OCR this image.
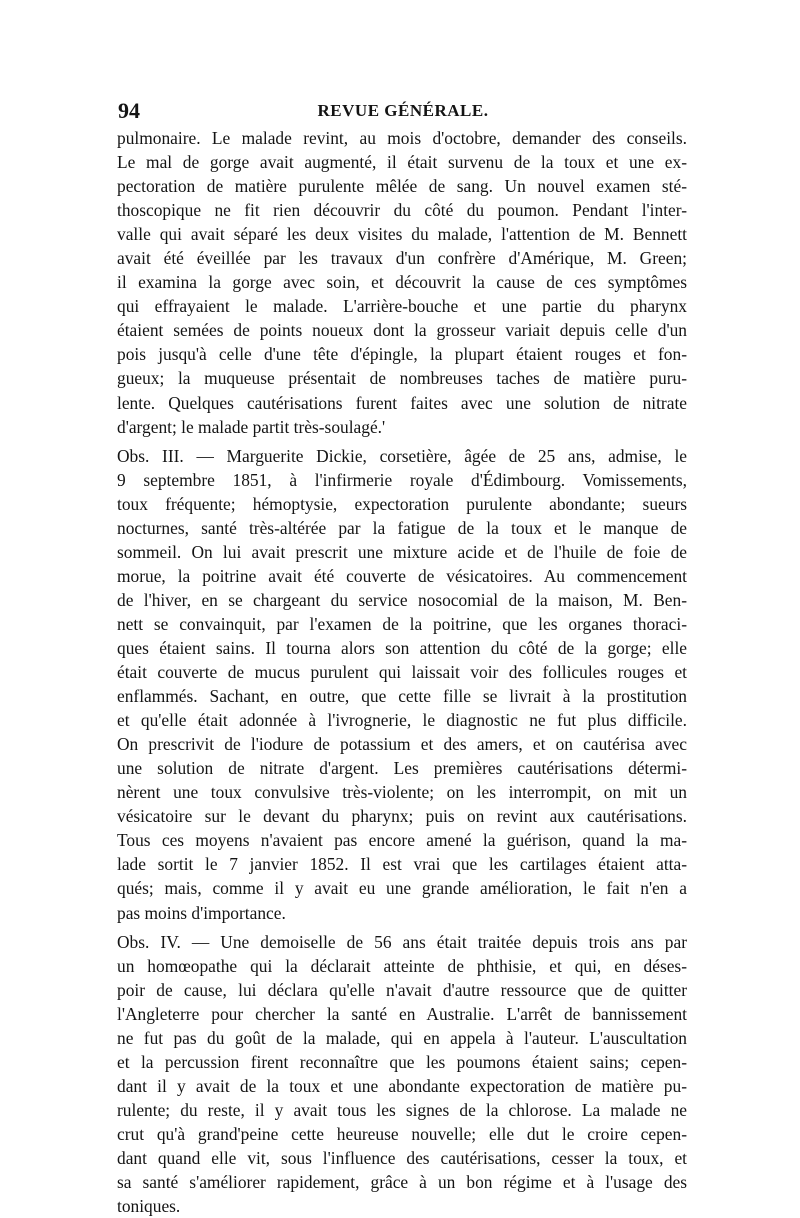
94	REVUE GÉNÉRALE.
pulmonaire. Le malade revint, au mois d'octobre, demander des conseils.
Le mal de gorge avait augmenté, il était survenu de la toux et une ex-
pectoration de matière purulente mêlée de sang. Un nouvel examen sté-
thoscopique ne fit rien découvrir du côté du poumon. Pendant l'inter-
valle qui avait séparé les deux visites du malade, l'attention de M. Bennett
avait été éveillée par les travaux d'un confrère d'Amérique, M. Green;
il examina la gorge avec soin, et découvrit la cause de ces symptômes
qui effrayaient le malade. L'arrière-bouche et une partie du pharynx
étaient semées de points noueux dont la grosseur variait depuis celle d'un
pois jusqu'à celle d'une tête d'épingle, la plupart étaient rouges et fon-
gueux; la muqueuse présentait de nombreuses taches de matière puru-
lente. Quelques cautérisations furent faites avec une solution de nitrate
d'argent; le malade partit très-soulagé.'
Obs. III. — Marguerite Dickie, corsetière, âgée de 25 ans, admise, le
9 septembre 1851, à l'infirmerie royale d'Édimbourg. Vomissements,
toux fréquente; hémoptysie, expectoration purulente abondante; sueurs
nocturnes, santé très-altérée par la fatigue de la toux et le manque de
sommeil. On lui avait prescrit une mixture acide et de l'huile de foie de
morue, la poitrine avait été couverte de vésicatoires. Au commencement
de l'hiver, en se chargeant du service nosocomial de la maison, M. Ben-
nett se convainquit, par l'examen de la poitrine, que les organes thoraci-
ques étaient sains. Il tourna alors son attention du côté de la gorge; elle
était couverte de mucus purulent qui laissait voir des follicules rouges et
enflammés. Sachant, en outre, que cette fille se livrait à la prostitution
et qu'elle était adonnée à l'ivrognerie, le diagnostic ne fut plus difficile.
On prescrivit de l'iodure de potassium et des amers, et on cautérisa avec
une solution de nitrate d'argent. Les premières cautérisations détermi-
nèrent une toux convulsive très-violente; on les interrompit, on mit un
vésicatoire sur le devant du pharynx; puis on revint aux cautérisations.
Tous ces moyens n'avaient pas encore amené la guérison, quand la ma-
lade sortit le 7 janvier 1852. Il est vrai que les cartilages étaient atta-
qués; mais, comme il y avait eu une grande amélioration, le fait n'en a
pas moins d'importance.
Obs. IV. — Une demoiselle de 56 ans était traitée depuis trois ans par
un homœopathe qui la déclarait atteinte de phthisie, et qui, en déses-
poir de cause, lui déclara qu'elle n'avait d'autre ressource que de quitter
l'Angleterre pour chercher la santé en Australie. L'arrêt de bannissement
ne fut pas du goût de la malade, qui en appela à l'auteur. L'auscultation
et la percussion firent reconnaître que les poumons étaient sains; cepen-
dant il y avait de la toux et une abondante expectoration de matière pu-
rulente; du reste, il y avait tous les signes de la chlorose. La malade ne
crut qu'à grand'peine cette heureuse nouvelle; elle dut le croire cepen-
dant quand elle vit, sous l'influence des cautérisations, cesser la toux, et
sa santé s'améliorer rapidement, grâce à un bon régime et à l'usage des
toniques.
